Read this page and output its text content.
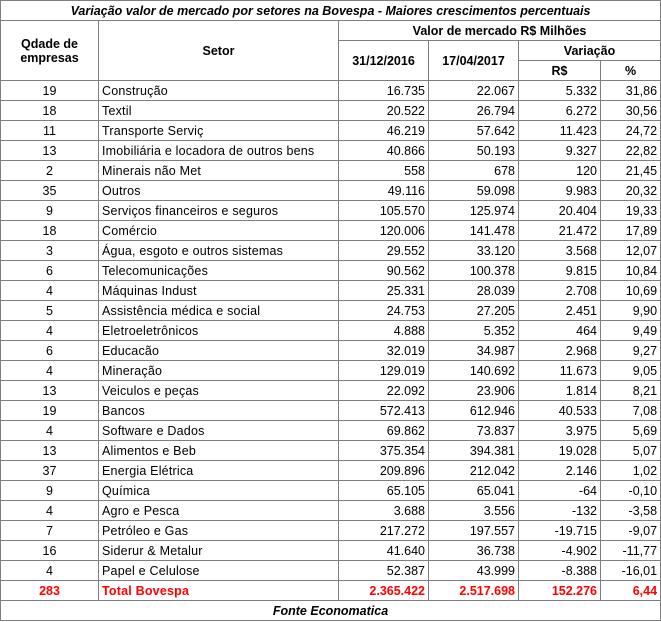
Variação valor de mercado por setores na Bovespa - Maiores crescimentos percentuais					
Qdade de empresas	Setor	Valor de mercado R$ Milhões			
		31/12/2016	17/04/2017	Variação	
				R$	%
19	Construção	16.735	22.067	5.332	31,86
18	Textil	20.522	26.794	6.272	30,56
11	Transporte Serviç	46.219	57.642	11.423	24,72
13	Imobiliária e locadora de outros bens	40.866	50.193	9.327	22,82
2	Minerais não Met	558	678	120	21,45
35	Outros	49.116	59.098	9.983	20,32
9	Serviços financeiros e seguros	105.570	125.974	20.404	19,33
18	Comércio	120.006	141.478	21.472	17,89
3	Água, esgoto e outros sistemas	29.552	33.120	3.568	12,07
6	Telecomunicações	90.562	100.378	9.815	10,84
4	Máquinas Indust	25.331	28.039	2.708	10,69
5	Assistência médica e social	24.753	27.205	2.451	9,90
4	Eletroeletrônicos	4.888	5.352	464	9,49
6	Educacão	32.019	34.987	2.968	9,27
4	Mineração	129.019	140.692	11.673	9,05
13	Veiculos e peças	22.092	23.906	1.814	8,21
19	Bancos	572.413	612.946	40.533	7,08
4	Software e Dados	69.862	73.837	3.975	5,69
13	Alimentos e Beb	375.354	394.381	19.028	5,07
37	Energia Elétrica	209.896	212.042	2.146	1,02
9	Química	65.105	65.041	-64	-0,10
4	Agro e Pesca	3.688	3.556	-132	-3,58
7	Petróleo e Gas	217.272	197.557	-19.715	-9,07
16	Siderur & Metalur	41.640	36.738	-4.902	-11,77
4	Papel e Celulose	52.387	43.999	-8.388	-16,01
283	Total Bovespa	2.365.422	2.517.698	152.276	6,44
Fonte Economatica					
